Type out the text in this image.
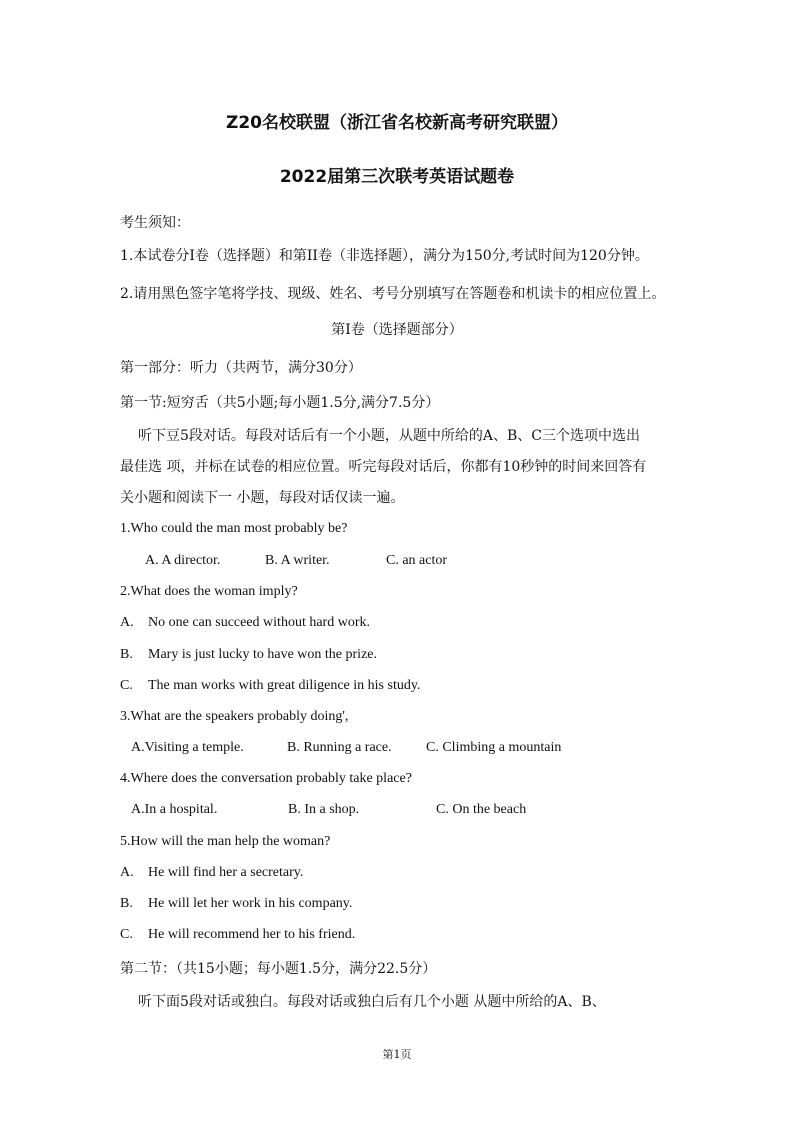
Z20名校联盟（浙江省名校新高考研究联盟）
2022届第三次联考英语试题卷
考生须知：
1.本试卷分I卷（选择题）和第II卷（非选择题），满分为150分,考试时间为120分钟。
2.请用黑色签字笔将学技、现级、姓名、考号分别填写在答题卷和机读卡的相应位置上。
第I卷（选择题部分）
第一部分：听力（共两节，满分30分）
第一节:短穷舌（共5小题;每小题1.5分,满分7.5分）
听下豆5段对话。每段对话后有一个小题，从题中所给的A、B、C三个选项中选出
最佳选 项，并标在试卷的相应位置。听完每段对话后，你都有10秒钟的时间来回答有
关小题和阅读下一 小题，每段对话仅读一遍。
1.Who could the man most probably be?
A. A director.	B. A writer.	C. an actor
2.What does the woman imply?
A. No one can succeed without hard work.
B. Mary is just lucky to have won the prize.
C. The man works with great diligence in his study.
3.What are the speakers probably doing',
A.Visiting a temple.	B. Running a race. C. Climbing a mountain
4.Where does the conversation probably take place?
A.In a hospital.	B. In a shop.	C. On the beach
5.How will the man help the woman?
A. He will find her a secretary.
B. He will let her work in his company.
C. He will recommend her to his friend.
第二节：（共15小题；每小题1.5分，满分22.5分）
听下面5段对话或独白。每段对话或独白后有几个小题 从题中所给的A、B、
第1页
